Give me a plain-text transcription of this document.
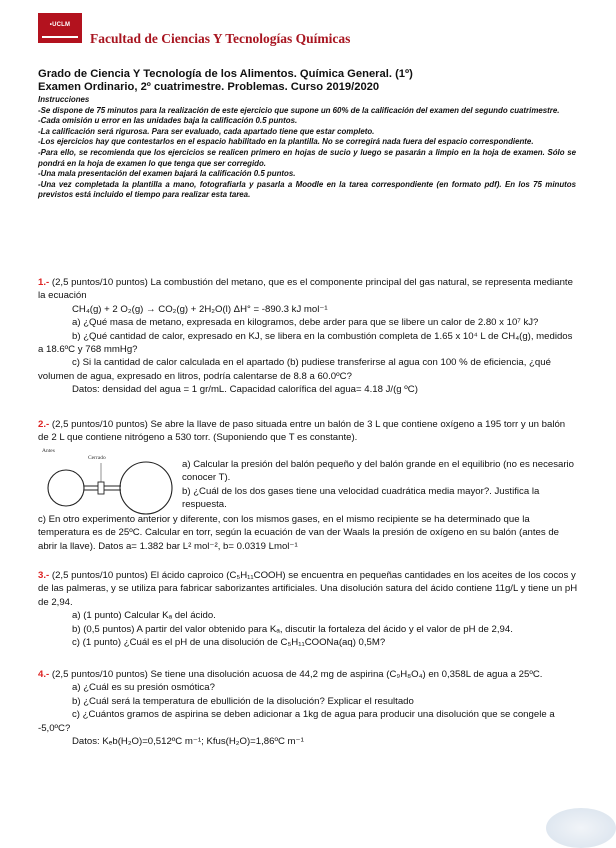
•UCLM
Facultad de Ciencias Y Tecnologías Químicas
Grado de Ciencia Y Tecnología de los Alimentos. Química General. (1º)
Examen Ordinario, 2º cuatrimestre. Problemas. Curso 2019/2020

Instrucciones

-Se dispone de 75 minutos para la realización de este ejercicio que supone un 60% de la calificación del examen del segundo cuatrimestre.

-Cada omisión u error en las unidades baja la calificación 0.5 puntos.

-La calificación será rigurosa. Para ser evaluado, cada apartado tiene que estar completo.

-Los ejercicios hay que contestarlos en el espacio habilitado en la plantilla. No se corregirá nada fuera del espacio correspondiente.

-Para ello, se recomienda que los ejercicios se realicen primero en hojas de sucio y luego se pasarán a limpio en la hoja de examen. Sólo se pondrá en la hoja de examen lo que tenga que ser corregido.

-Una mala presentación del examen bajará la calificación 0.5 puntos.

-Una vez completada la plantilla a mano, fotografiarla y pasarla a Moodle en la tarea correspondiente (en formato pdf). En los 75 minutos previstos está incluido el tiempo para realizar esta tarea.

1.- (2,5 puntos/10 puntos) La combustión del metano, que es el componente principal del gas natural, se representa mediante la ecuación

CH₄(g) + 2 O₂(g) → CO₂(g) + 2H₂O(l) ΔH° = -890.3 kJ mol⁻¹

a) ¿Qué masa de metano, expresada en kilogramos, debe arder para que se libere un calor de 2.80 x 10⁷ kJ?

b) ¿Qué cantidad de calor, expresado en KJ, se libera en la combustión completa de 1.65 x 10⁴ L de CH₄(g), medidos a 18.6ºC y 768 mmHg?

c) Si la cantidad de calor calculada en el apartado (b) pudiese transferirse al agua con 100 % de eficiencia, ¿qué volumen de agua, expresado en litros, podría calentarse de 8.8 a 60.0ºC?

Datos: densidad del agua = 1 gr/mL. Capacidad calorífica del agua= 4.18 J/(g ºC)

2.- (2,5 puntos/10 puntos) Se abre la llave de paso situada entre un balón de 3 L que contiene oxígeno a 195 torr y un balón de 2 L que contiene nitrógeno a 530 torr. (Suponiendo que T es constante).

Antes
Cerrado

a) Calcular la presión del balón pequeño y del balón grande en el equilibrio (no es necesario conocer T).

b) ¿Cuál de los dos gases tiene una velocidad cuadrática media mayor?. Justifica la respuesta.

c) En otro experimento anterior y diferente, con los mismos gases, en el mismo recipiente se ha determinado que la temperatura es de 25ºC. Calcular en torr, según la ecuación de van der Waals la presión de oxígeno en su balón (antes de abrir la llave). Datos a= 1.382 bar L² mol⁻², b= 0.0319 Lmol⁻¹

3.- (2,5 puntos/10 puntos) El ácido caproico (C₅H₁₁COOH) se encuentra en pequeñas cantidades en los aceites de los cocos y de las palmeras, y se utiliza para fabricar saborizantes artificiales. Una disolución satura del ácido contiene 11g/L y tiene un pH de 2,94.

a) (1 punto) Calcular Kₐ del ácido.

b) (0,5 puntos) A partir del valor obtenido para Kₐ, discutir la fortaleza del ácido y el valor de pH de 2,94.

c) (1 punto) ¿Cuál es el pH de una disolución de C₅H₁₁COONa(aq) 0,5M?

4.- (2,5 puntos/10 puntos) Se tiene una disolución acuosa de 44,2 mg de aspirina (C₉H₈O₄) en 0,358L de agua a 25ºC.

a) ¿Cuál es su presión osmótica?

b) ¿Cuál será la temperatura de ebullición de la disolución? Explicar el resultado

c) ¿Cuántos gramos de aspirina se deben adicionar a 1kg de agua para producir una disolución que se congele a -5,0ºC?

Datos: Kₑb(H₂O)=0,512ºC m⁻¹; Kfus(H₂O)=1,86ºC m⁻¹
